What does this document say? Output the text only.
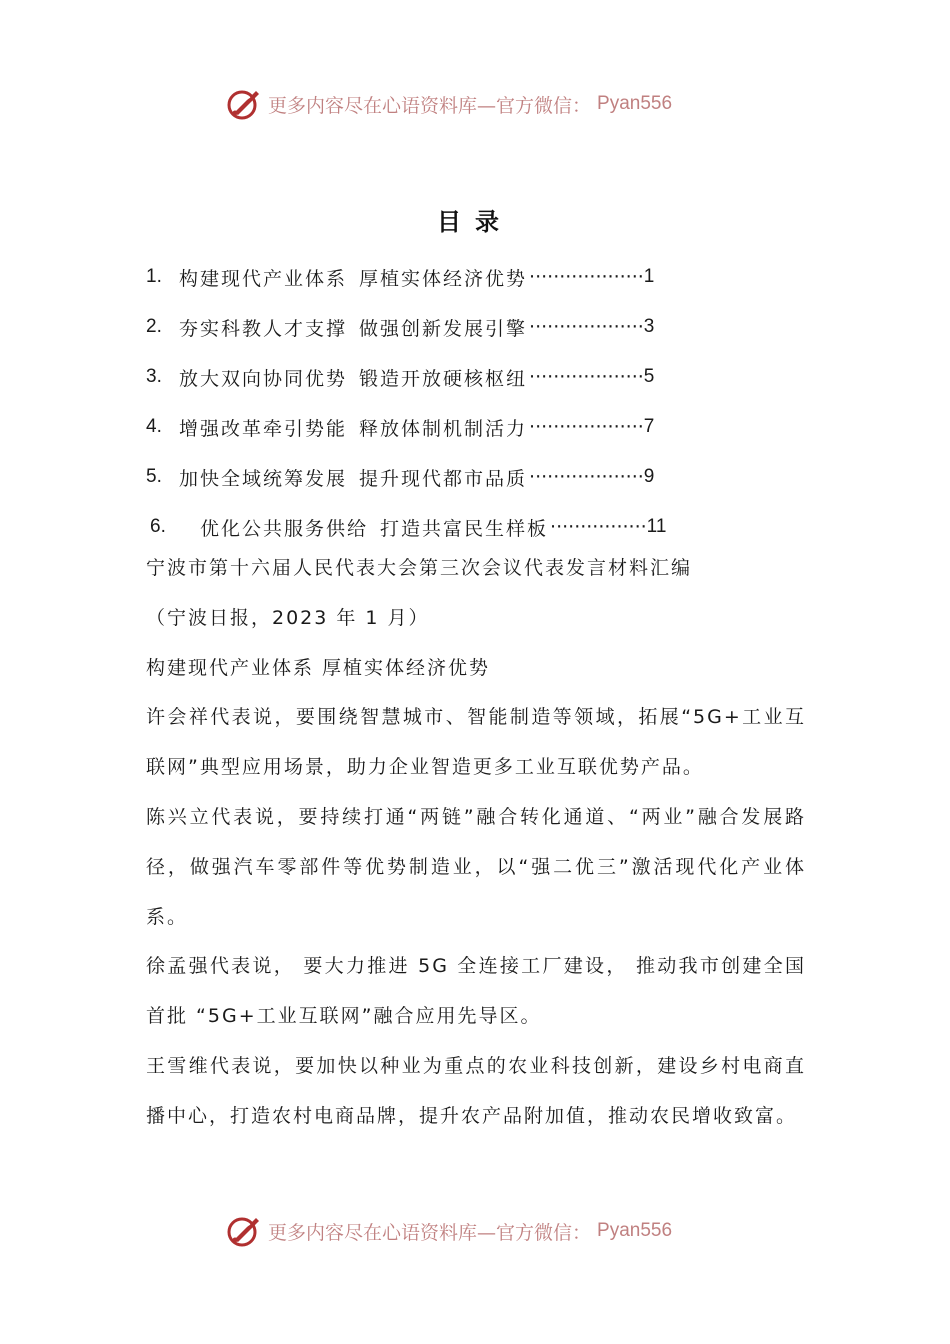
更多内容尽在心语资料库—官方微信： Pyan556
目录
1. 构建现代产业体系 厚植实体经济优势 ··················· 1
2. 夯实科教人才支撑 做强创新发展引擎 ··················· 3
3. 放大双向协同优势 锻造开放硬核枢纽 ··················· 5
4. 增强改革牵引势能 释放体制机制活力 ··················· 7
5. 加快全域统筹发展 提升现代都市品质 ··················· 9
6.	优化公共服务供给 打造共富民生样板 ················ 11

宁波市第十六届人民代表大会第三次会议代表发言材料汇编

（宁波日报，2023 年 1 月）

构建现代产业体系 厚植实体经济优势

许会祥代表说，要围绕智慧城市、智能制造等领域，拓展“5G+工业互联网”典型应用场景，助力企业智造更多工业互联优势产品。

陈兴立代表说，要持续打通“两链”融合转化通道、“两业”融合发展路径，做强汽车零部件等优势制造业，以“强二优三”激活现代化产业体系。

徐孟强代表说， 要大力推进 5G 全连接工厂建设， 推动我市创建全国首批 “5G+工业互联网”融合应用先导区。

王雪维代表说，要加快以种业为重点的农业科技创新，建设乡村电商直播中心，打造农村电商品牌，提升农产品附加值，推动农民增收致富。

更多内容尽在心语资料库—官方微信： Pyan556
